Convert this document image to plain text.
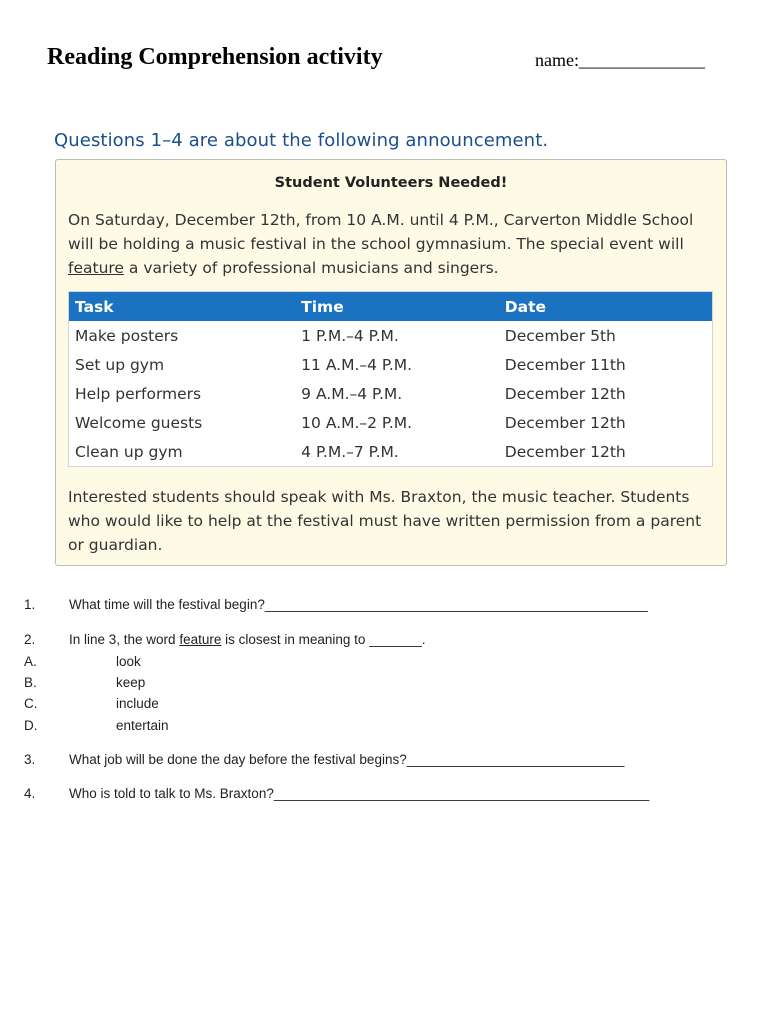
Reading Comprehension activity	name:______________
Questions 1–4 are about the following announcement.
Student Volunteers Needed!

On Saturday, December 12th, from 10 A.M. until 4 P.M., Carverton Middle School will be holding a music festival in the school gymnasium. The special event will feature a variety of professional musicians and singers.

Task	Time	Date
Make posters	1 P.M.–4 P.M.	December 5th
Set up gym	11 A.M.–4 P.M.	December 11th
Help performers	9 A.M.–4 P.M.	December 12th
Welcome guests	10 A.M.–2 P.M.	December 12th
Clean up gym	4 P.M.–7 P.M.	December 12th

Interested students should speak with Ms. Braxton, the music teacher. Students who would like to help at the festival must have written permission from a parent or guardian.

1. What time will the festival begin?___________________________________________________
2. In line 3, the word feature is closest in meaning to _______.
A.	look
B.	keep
C.	include
D.	entertain
3. What job will be done the day before the festival begins?_____________________________
4. Who is told to talk to Ms. Braxton?__________________________________________________
